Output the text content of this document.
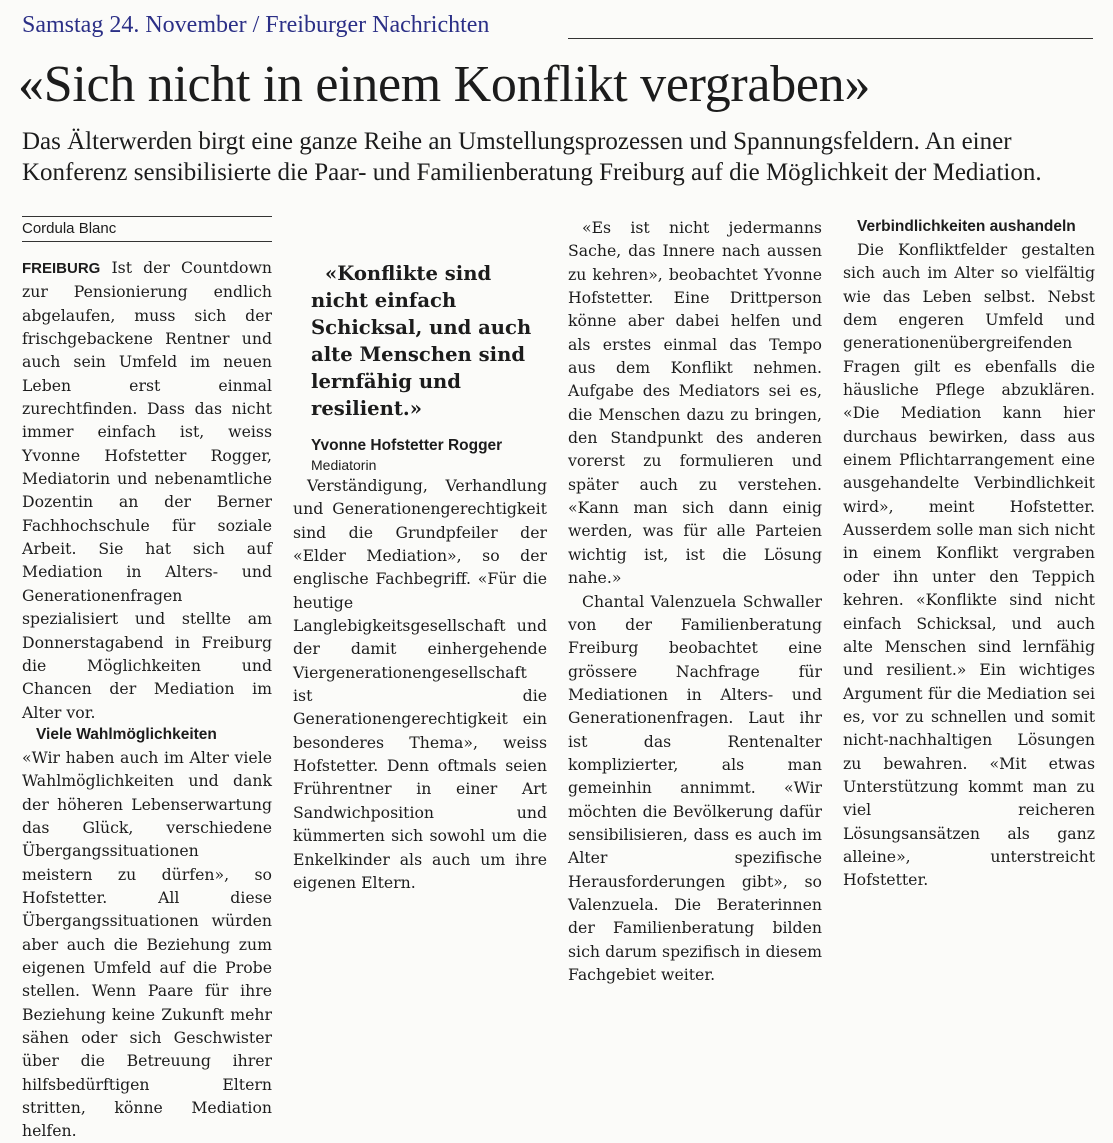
Samstag 24. November / Freiburger Nachrichten
«Sich nicht in einem Konflikt vergraben»

Das Älterwerden birgt eine ganze Reihe an Umstellungsprozessen und Spannungsfeldern. An einer
Konferenz sensibilisierte die Paar- und Familienberatung Freiburg auf die Möglichkeit der Mediation.

Cordula Blanc

FREIBURG Ist der Countdown zur Pensionierung endlich abgelaufen, muss sich der frischgebackene Rentner und auch sein Umfeld im neuen Leben erst einmal zurechtfinden. Dass das nicht immer einfach ist, weiss Yvonne Hofstetter Rogger, Mediatorin und nebenamtliche Dozentin an der Berner Fachhochschule für soziale Arbeit. Sie hat sich auf Mediation in Alters- und Generationenfragen spezialisiert und stellte am Donnerstagabend in Freiburg die Möglichkeiten und Chancen der Mediation im Alter vor.

Viele Wahlmöglichkeiten

«Wir haben auch im Alter viele Wahlmöglichkeiten und dank der höheren Lebenserwartung das Glück, verschiedene Übergangssituationen meistern zu dürfen», so Hofstetter. All diese Übergangssituationen würden aber auch die Beziehung zum eigenen Umfeld auf die Probe stellen. Wenn Paare für ihre Beziehung keine Zukunft mehr sähen oder sich Geschwister über die Betreuung ihrer hilfsbedürftigen Eltern stritten, könne Mediation helfen.

«Konflikte sind nicht einfach Schicksal, und auch alte Menschen sind lernfähig und resilient.»

Yvonne Hofstetter Rogger
Mediatorin

Verständigung, Verhandlung und Generationengerechtigkeit sind die Grundpfeiler der «Elder Mediation», so der englische Fachbegriff. «Für die heutige Langlebigkeitsgesellschaft und der damit einhergehende Viergenerationengesellschaft ist die Generationengerechtigkeit ein besonderes Thema», weiss Hofstetter. Denn oftmals seien Frührentner in einer Art Sandwichposition und kümmerten sich sowohl um die Enkelkinder als auch um ihre eigenen Eltern.

«Es ist nicht jedermanns Sache, das Innere nach aussen zu kehren», beobachtet Yvonne Hofstetter. Eine Drittperson könne aber dabei helfen und als erstes einmal das Tempo aus dem Konflikt nehmen. Aufgabe des Mediators sei es, die Menschen dazu zu bringen, den Standpunkt des anderen vorerst zu formulieren und später auch zu verstehen. «Kann man sich dann einig werden, was für alle Parteien wichtig ist, ist die Lösung nahe.»

Chantal Valenzuela Schwaller von der Familienberatung Freiburg beobachtet eine grössere Nachfrage für Mediationen in Alters- und Generationenfragen. Laut ihr ist das Rentenalter komplizierter, als man gemeinhin annimmt. «Wir möchten die Bevölkerung dafür sensibilisieren, dass es auch im Alter spezifische Herausforderungen gibt», so Valenzuela. Die Beraterinnen der Familienberatung bilden sich darum spezifisch in diesem Fachgebiet weiter.

Verbindlichkeiten aushandeln

Die Konfliktfelder gestalten sich auch im Alter so vielfältig wie das Leben selbst. Nebst dem engeren Umfeld und generationenübergreifenden Fragen gilt es ebenfalls die häusliche Pflege abzuklären. «Die Mediation kann hier durchaus bewirken, dass aus einem Pflichtarrangement eine ausgehandelte Verbindlichkeit wird», meint Hofstetter. Ausserdem solle man sich nicht in einem Konflikt vergraben oder ihn unter den Teppich kehren. «Konflikte sind nicht einfach Schicksal, und auch alte Menschen sind lernfähig und resilient.» Ein wichtiges Argument für die Mediation sei es, vor zu schnellen und somit nicht-nachhaltigen Lösungen zu bewahren. «Mit etwas Unterstützung kommt man zu viel reicheren Lösungsansätzen als ganz alleine», unterstreicht Hofstetter.
